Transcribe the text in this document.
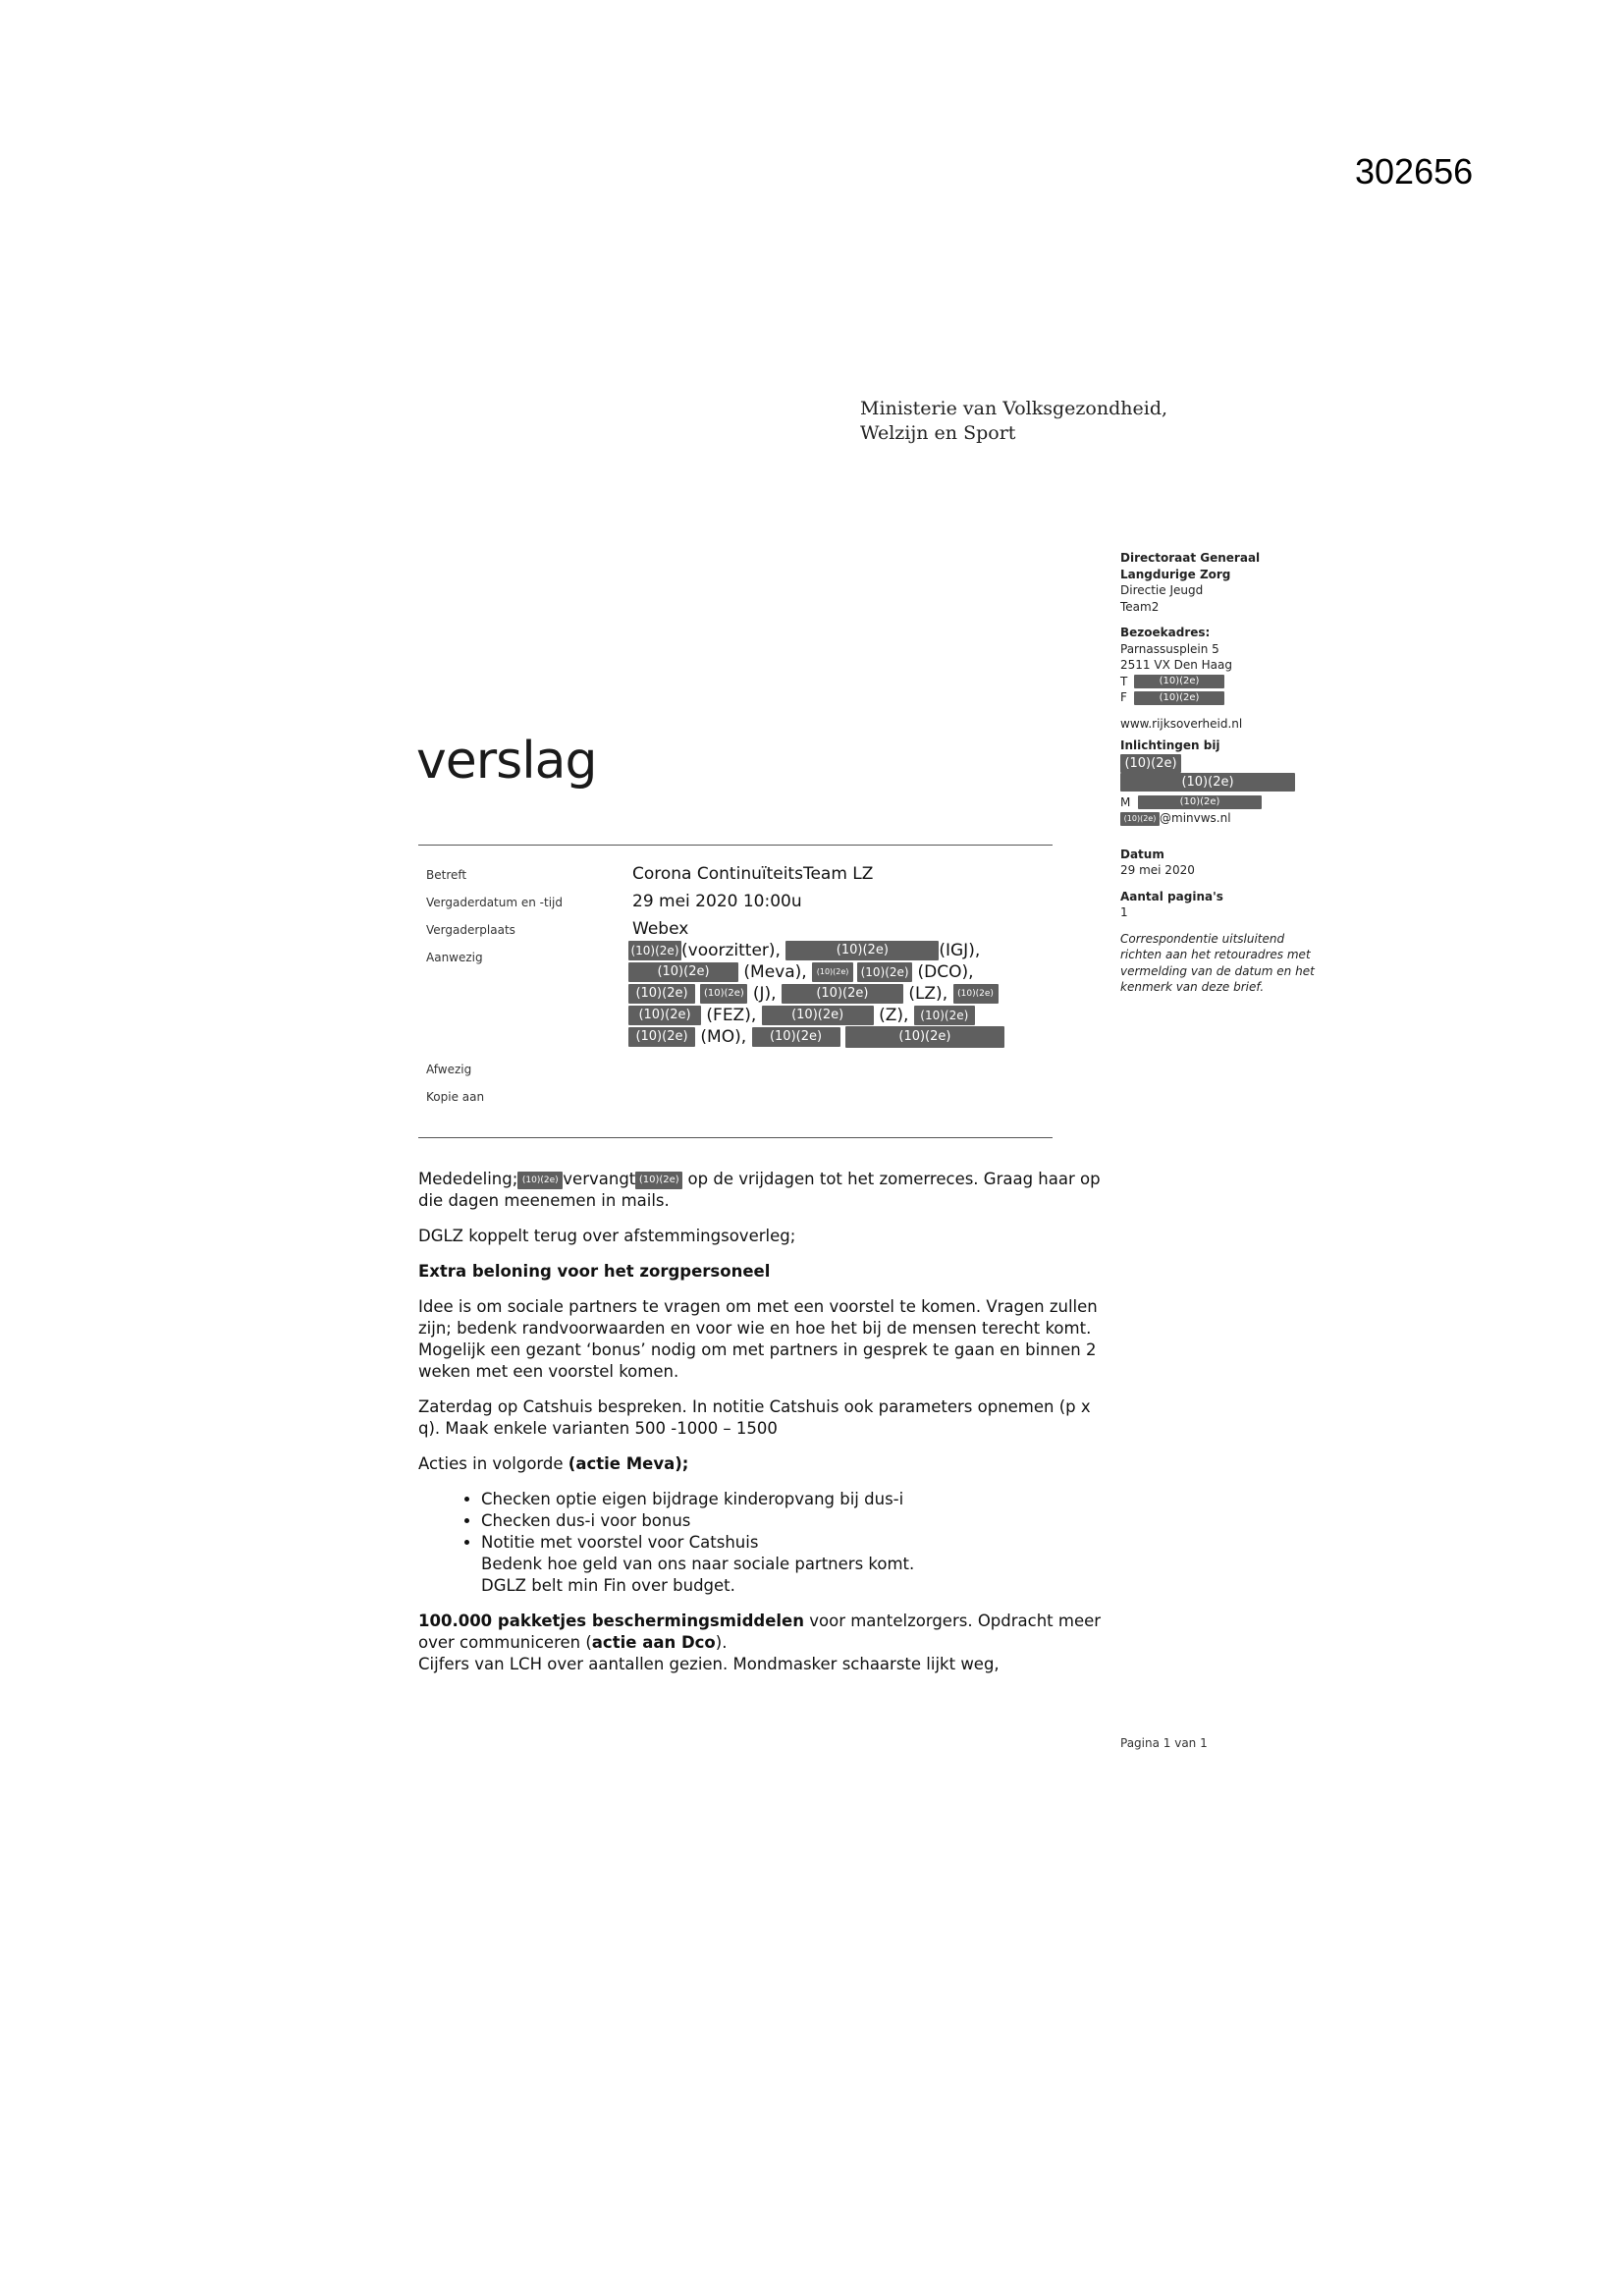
302656
Ministerie van Volksgezondheid,
Welzijn en Sport
Directoraat Generaal
Langdurige Zorg
Directie Jeugd
Team2
Bezoekadres:
Parnassusplein 5
2511 VX Den Haag
T	(10)(2e)
F	(10)(2e)
www.rijksoverheid.nl
Inlichtingen bij
(10)(2e)
(10)(2e)
M	(10)(2e)
(10)(2e) @minvws.nl
Datum
29 mei 2020
Aantal pagina's
1
Correspondentie uitsluitend richten aan het retouradres met vermelding van de datum en het kenmerk van deze brief.
verslag
Betreft	Corona ContinuïteitsTeam LZ
Vergaderdatum en -tijd	29 mei 2020 10:00u
Vergaderplaats	Webex
Aanwezig	(10)(2e) (voorzitter),	(10)(2e)	(IGJ),
(10)(2e) (Meva), (10)(2e) (10)(2e) (DCO),
(10)(2e) (10)(2e) (J),	(10)(2e) (LZ), (10)(2e)
(10)(2e) (FEZ),	(10)(2e) (Z), (10)(2e)
(10)(2e) (MO), (10)(2e)	(10)(2e)
Afwezig
Kopie aan

Mededeling; (10)(2e) vervangt (10)(2e) op de vrijdagen tot het zomerreces. Graag haar op die dagen meenemen in mails.

DGLZ koppelt terug over afstemmingsoverleg;

Extra beloning voor het zorgpersoneel

Idee is om sociale partners te vragen om met een voorstel te komen. Vragen zullen zijn; bedenk randvoorwaarden en voor wie en hoe het bij de mensen terecht komt. Mogelijk een gezant ‘bonus’ nodig om met partners in gesprek te gaan en binnen 2 weken met een voorstel komen.

Zaterdag op Catshuis bespreken. In notitie Catshuis ook parameters opnemen (p x q). Maak enkele varianten 500 -1000 – 1500

Acties in volgorde (actie Meva);

• Checken optie eigen bijdrage kinderopvang bij dus-i
• Checken dus-i voor bonus
• Notitie met voorstel voor Catshuis
Bedenk hoe geld van ons naar sociale partners komt.
DGLZ belt min Fin over budget.
100.000 pakketjes beschermingsmiddelen voor mantelzorgers. Opdracht meer over communiceren (actie aan Dco).
Cijfers van LCH over aantallen gezien. Mondmasker schaarste lijkt weg,
Pagina 1 van 1
